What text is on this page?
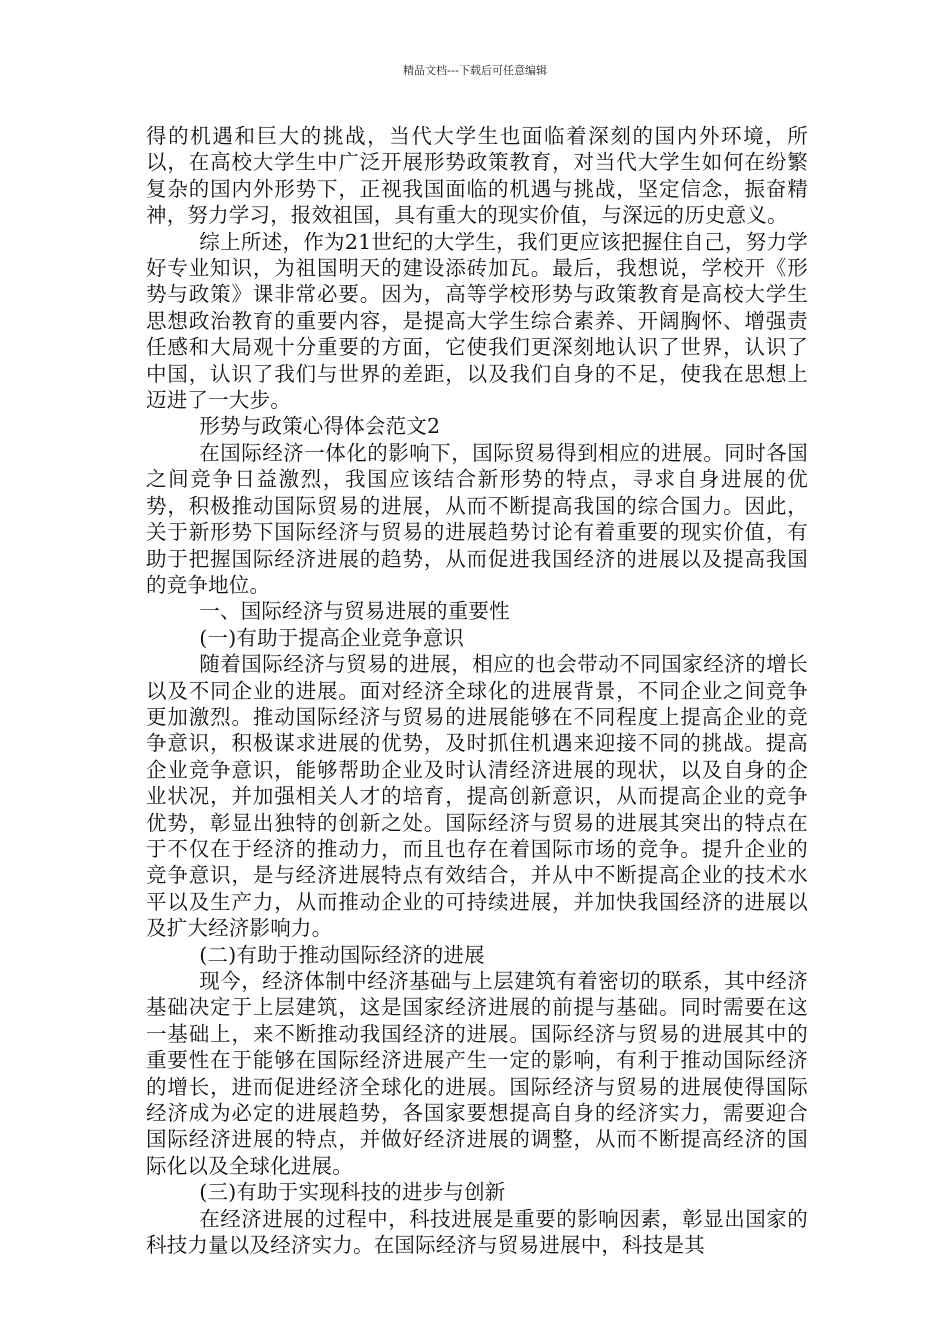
精品文档---下载后可任意编辑

得的机遇和巨大的挑战，当代大学生也面临着深刻的国内外环境，所以，在高校大学生中广泛开展形势政策教育，对当代大学生如何在纷繁复杂的国内外形势下，正视我国面临的机遇与挑战，坚定信念，振奋精神，努力学习，报效祖国，具有重大的现实价值，与深远的历史意义。

综上所述，作为21世纪的大学生，我们更应该把握住自己，努力学好专业知识，为祖国明天的建设添砖加瓦。最后，我想说，学校开《形势与政策》课非常必要。因为，高等学校形势与政策教育是高校大学生思想政治教育的重要内容，是提高大学生综合素养、开阔胸怀、增强责任感和大局观十分重要的方面，它使我们更深刻地认识了世界，认识了中国，认识了我们与世界的差距，以及我们自身的不足，使我在思想上迈进了一大步。

形势与政策心得体会范文2

在国际经济一体化的影响下，国际贸易得到相应的进展。同时各国之间竞争日益激烈，我国应该结合新形势的特点，寻求自身进展的优势，积极推动国际贸易的进展，从而不断提高我国的综合国力。因此，关于新形势下国际经济与贸易的进展趋势讨论有着重要的现实价值，有助于把握国际经济进展的趋势，从而促进我国经济的进展以及提高我国的竞争地位。

一、国际经济与贸易进展的重要性

(一)有助于提高企业竞争意识

随着国际经济与贸易的进展，相应的也会带动不同国家经济的增长以及不同企业的进展。面对经济全球化的进展背景，不同企业之间竞争更加激烈。推动国际经济与贸易的进展能够在不同程度上提高企业的竞争意识，积极谋求进展的优势，及时抓住机遇来迎接不同的挑战。提高企业竞争意识，能够帮助企业及时认清经济进展的现状，以及自身的企业状况，并加强相关人才的培育，提高创新意识，从而提高企业的竞争优势，彰显出独特的创新之处。国际经济与贸易的进展其突出的特点在于不仅在于经济的推动力，而且也存在着国际市场的竞争。提升企业的竞争意识，是与经济进展特点有效结合，并从中不断提高企业的技术水平以及生产力，从而推动企业的可持续进展，并加快我国经济的进展以及扩大经济影响力。

(二)有助于推动国际经济的进展

现今，经济体制中经济基础与上层建筑有着密切的联系，其中经济基础决定于上层建筑，这是国家经济进展的前提与基础。同时需要在这一基础上，来不断推动我国经济的进展。国际经济与贸易的进展其中的重要性在于能够在国际经济进展产生一定的影响，有利于推动国际经济的增长，进而促进经济全球化的进展。国际经济与贸易的进展使得国际经济成为必定的进展趋势，各国家要想提高自身的经济实力，需要迎合国际经济进展的特点，并做好经济进展的调整，从而不断提高经济的国际化以及全球化进展。

(三)有助于实现科技的进步与创新

在经济进展的过程中，科技进展是重要的影响因素，彰显出国家的科技力量以及经济实力。在国际经济与贸易进展中，科技是其
